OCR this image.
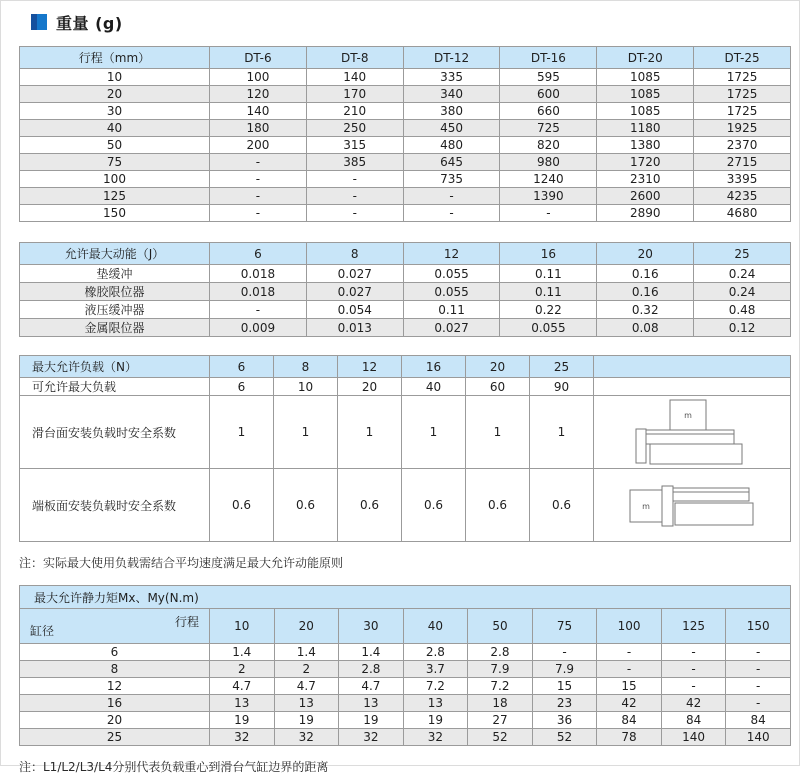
重量 (g)
行程（mm）	DT-6	DT-8	DT-12	DT-16	DT-20	DT-25
10	100	140	335	595	1085	1725
20	120	170	340	600	1085	1725
30	140	210	380	660	1085	1725
40	180	250	450	725	1180	1925
50	200	315	480	820	1380	2370
75	-	385	645	980	1720	2715
100	-	-	735	1240	2310	3395
125	-	-	-	1390	2600	4235
150	-	-	-	-	2890	4680
允许最大动能（J）	6	8	12	16	20	25
垫缓冲	0.018	0.027	0.055	0.11	0.16	0.24
橡胶限位器	0.018	0.027	0.055	0.11	0.16	0.24
液压缓冲器	-	0.054	0.11	0.22	0.32	0.48
金属限位器	0.009	0.013	0.027	0.055	0.08	0.12
最大允许负载（N）	6	8	12	16	20	25	
可允许最大负载	6	10	20	40	60	90	
滑台面安装负载时安全系数	1	1	1	1	1	1	m

端板面安装负载时安全系数	0.6	0.6	0.6	0.6	0.6	0.6	m
注：实际最大使用负载需结合平均速度满足最大允许动能原则
最大允许静力矩Mx、My(N.m)									

行程
缸径	10	20	30	40	50	75	100	125	150
6	1.4	1.4	1.4	2.8	2.8	-	-	-	-
8	2	2	2.8	3.7	7.9	7.9	-	-	-
12	4.7	4.7	4.7	7.2	7.2	15	15	-	-
16	13	13	13	13	18	23	42	42	-
20	19	19	19	19	27	36	84	84	84
25	32	32	32	32	52	52	78	140	140
注：L1/L2/L3/L4分别代表负载重心到滑台气缸边界的距离
